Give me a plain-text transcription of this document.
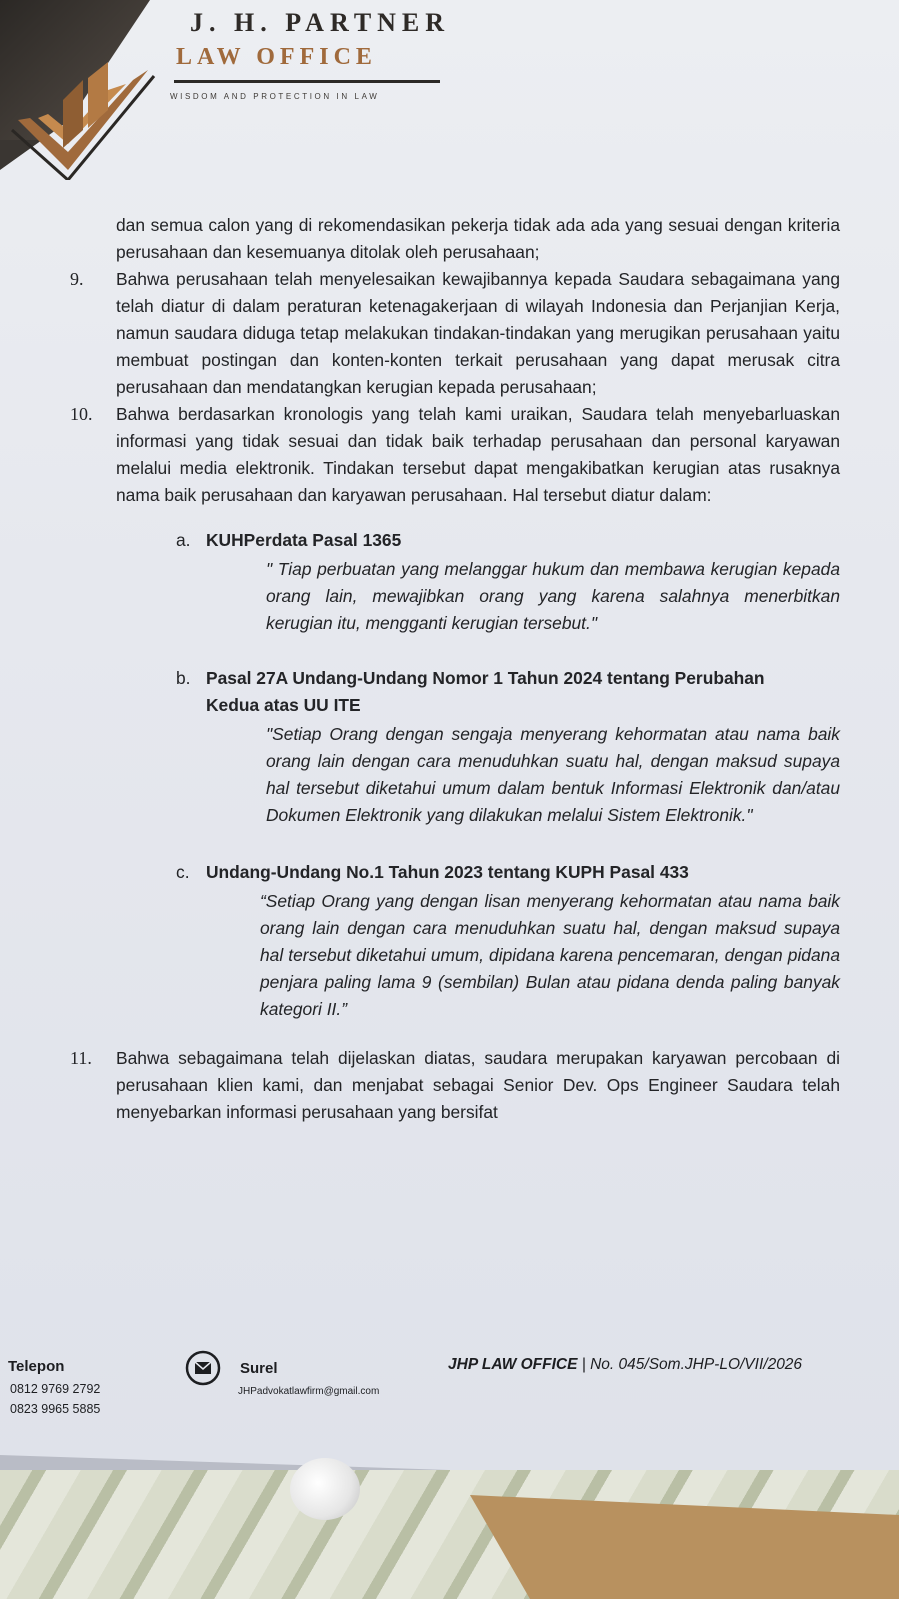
J. H. PARTNER
LAW OFFICE
WISDOM AND PROTECTION IN LAW
dan semua calon yang di rekomendasikan pekerja tidak ada ada yang sesuai dengan kriteria perusahaan dan kesemuanya ditolak oleh perusahaan;
9.	Bahwa perusahaan telah menyelesaikan kewajibannya kepada Saudara sebagaimana yang telah diatur di dalam peraturan ketenagakerjaan di wilayah Indonesia dan Perjanjian Kerja, namun saudara diduga tetap melakukan tindakan-tindakan yang merugikan perusahaan yaitu membuat postingan dan konten-konten terkait perusahaan yang dapat merusak citra perusahaan dan mendatangkan kerugian kepada perusahaan;
10.	Bahwa berdasarkan kronologis yang telah kami uraikan, Saudara telah menyebarluaskan informasi yang tidak sesuai dan tidak baik terhadap perusahaan dan personal karyawan melalui media elektronik. Tindakan tersebut dapat mengakibatkan kerugian atas rusaknya nama baik perusahaan dan karyawan perusahaan. Hal tersebut diatur dalam:
a. KUHPerdata Pasal 1365
" Tiap perbuatan yang melanggar hukum dan membawa kerugian kepada orang lain, mewajibkan orang yang karena salahnya menerbitkan kerugian itu, mengganti kerugian tersebut."
b. Pasal 27A Undang-Undang Nomor 1 Tahun 2024 tentang Perubahan Kedua atas UU ITE
"Setiap Orang dengan sengaja menyerang kehormatan atau nama baik orang lain dengan cara menuduhkan suatu hal, dengan maksud supaya hal tersebut diketahui umum dalam bentuk Informasi Elektronik dan/atau Dokumen Elektronik yang dilakukan melalui Sistem Elektronik."
c. Undang-Undang No.1 Tahun 2023 tentang KUPH Pasal 433
“Setiap Orang yang dengan lisan menyerang kehormatan atau nama baik orang lain dengan cara menuduhkan suatu hal, dengan maksud supaya hal tersebut diketahui umum, dipidana karena pencemaran, dengan pidana penjara paling lama 9 (sembilan) Bulan atau pidana denda paling banyak kategori II.”
11.	Bahwa sebagaimana telah dijelaskan diatas, saudara merupakan karyawan percobaan di perusahaan klien kami, dan menjabat sebagai Senior Dev. Ops Engineer Saudara telah menyebarkan informasi perusahaan yang bersifat
Telepon
0812 9769 2792
0823 9965 5885
Surel
JHPadvokatlawfirm@gmail.com
JHP LAW OFFICE | No. 045/Som.JHP-LO/VII/2026
